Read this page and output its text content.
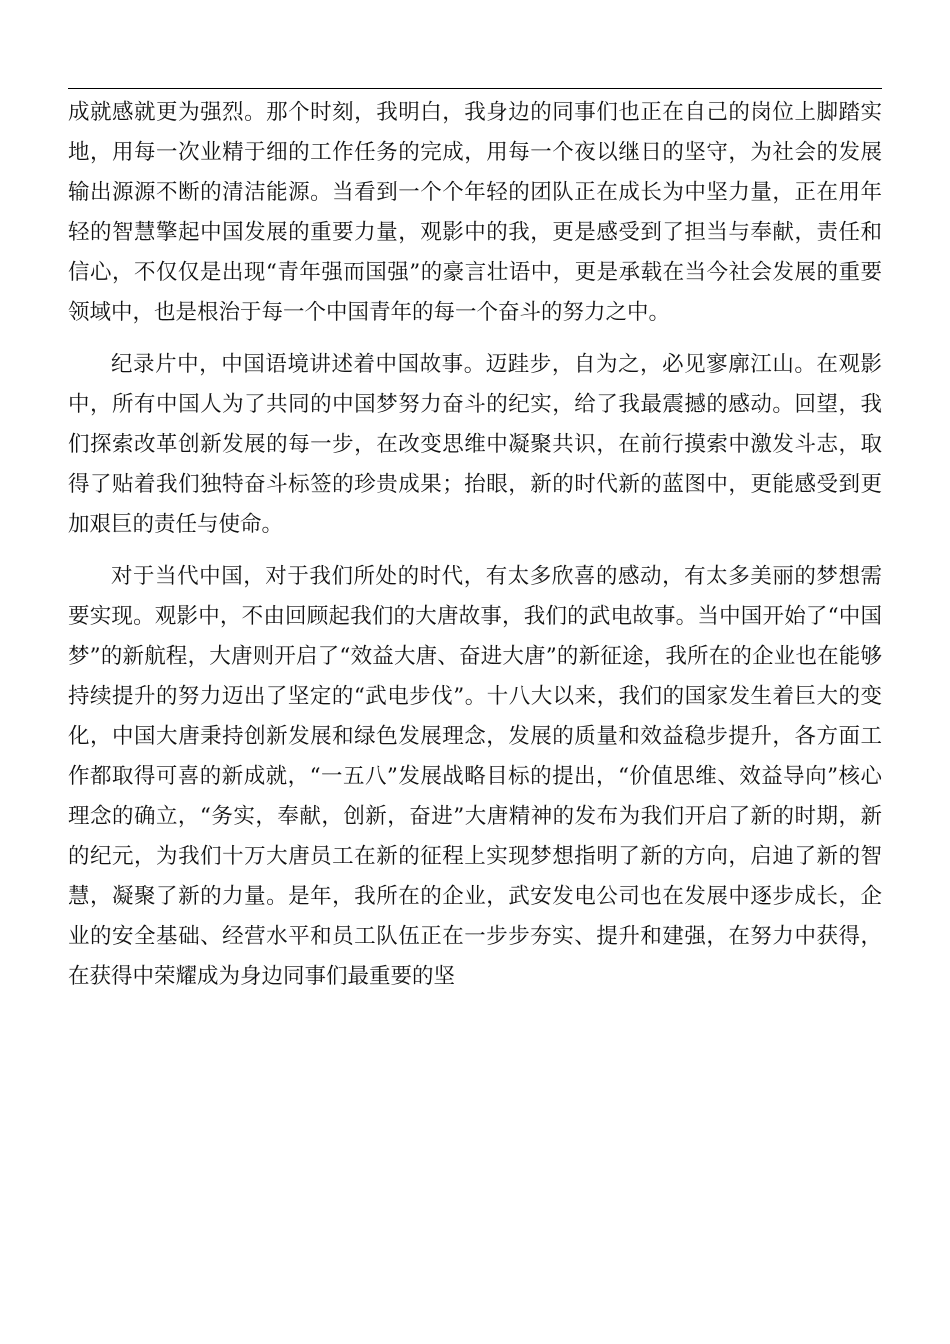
成就感就更为强烈。那个时刻，我明白，我身边的同事们也正在自己的岗位上脚踏实地，用每一次业精于细的工作任务的完成，用每一个夜以继日的坚守，为社会的发展输出源源不断的清洁能源。当看到一个个年轻的团队正在成长为中坚力量，正在用年轻的智慧擎起中国发展的重要力量，观影中的我，更是感受到了担当与奉献，责任和信心，不仅仅是出现“青年强而国强”的豪言壮语中，更是承载在当今社会发展的重要领域中，也是根治于每一个中国青年的每一个奋斗的努力之中。

纪录片中，中国语境讲述着中国故事。迈跬步，自为之，必见寥廓江山。在观影中，所有中国人为了共同的中国梦努力奋斗的纪实，给了我最震撼的感动。回望，我们探索改革创新发展的每一步，在改变思维中凝聚共识，在前行摸索中激发斗志，取得了贴着我们独特奋斗标签的珍贵成果；抬眼，新的时代新的蓝图中，更能感受到更加艰巨的责任与使命。

对于当代中国，对于我们所处的时代，有太多欣喜的感动，有太多美丽的梦想需要实现。观影中，不由回顾起我们的大唐故事，我们的武电故事。当中国开始了“中国梦”的新航程，大唐则开启了“效益大唐、奋进大唐”的新征途，我所在的企业也在能够持续提升的努力迈出了坚定的“武电步伐”。十八大以来，我们的国家发生着巨大的变化，中国大唐秉持创新发展和绿色发展理念，发展的质量和效益稳步提升，各方面工作都取得可喜的新成就，“一五八”发展战略目标的提出，“价值思维、效益导向”核心理念的确立，“务实，奉献，创新，奋进”大唐精神的发布为我们开启了新的时期，新的纪元，为我们十万大唐员工在新的征程上实现梦想指明了新的方向，启迪了新的智慧，凝聚了新的力量。是年，我所在的企业，武安发电公司也在发展中逐步成长，企业的安全基础、经营水平和员工队伍正在一步步夯实、提升和建强，在努力中获得，在获得中荣耀成为身边同事们最重要的坚
